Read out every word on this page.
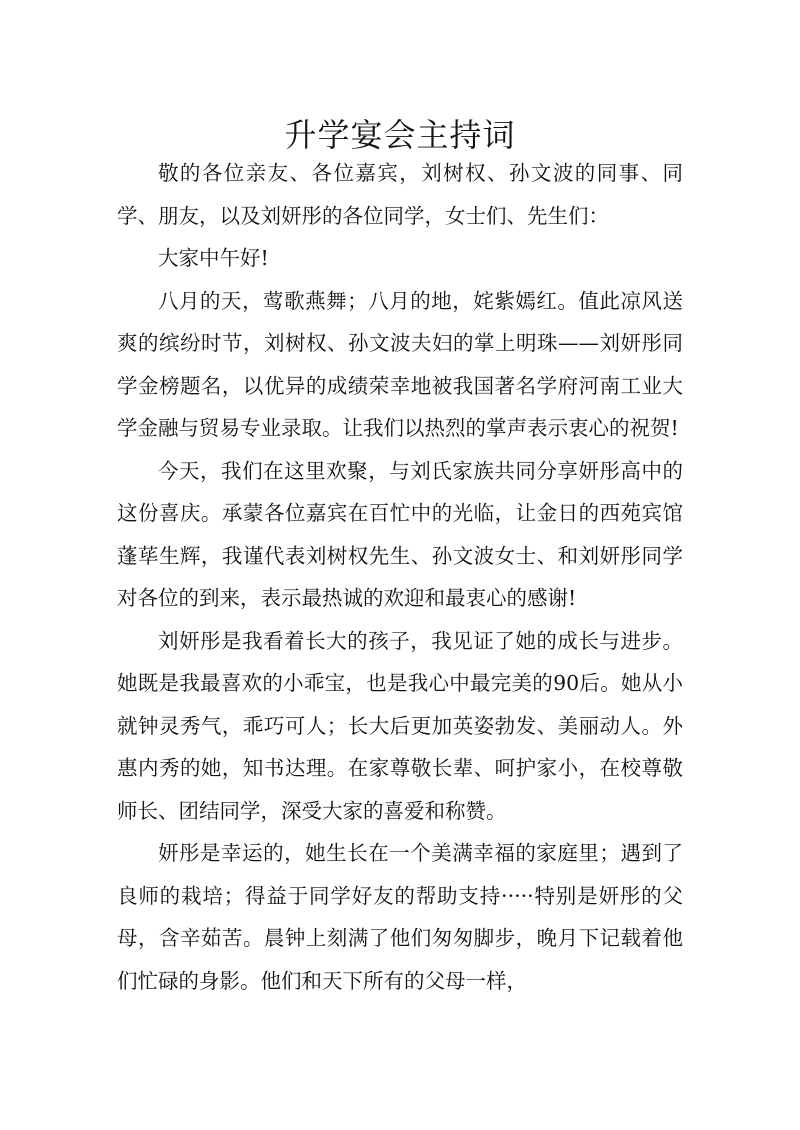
升学宴会主持词

敬的各位亲友、各位嘉宾，刘树权、孙文波的同事、同学、朋友，以及刘妍彤的各位同学，女士们、先生们：

大家中午好!

八月的天，莺歌燕舞；八月的地，姹紫嫣红。值此凉风送爽的缤纷时节，刘树权、孙文波夫妇的掌上明珠——刘妍彤同学金榜题名，以优异的成绩荣幸地被我国著名学府河南工业大学金融与贸易专业录取。让我们以热烈的掌声表示衷心的祝贺!

今天，我们在这里欢聚，与刘氏家族共同分享妍彤高中的这份喜庆。承蒙各位嘉宾在百忙中的光临，让金日的西苑宾馆蓬荜生辉，我谨代表刘树权先生、孙文波女士、和刘妍彤同学对各位的到来，表示最热诚的欢迎和最衷心的感谢!

刘妍彤是我看着长大的孩子，我见证了她的成长与进步。她既是我最喜欢的小乖宝，也是我心中最完美的90后。她从小就钟灵秀气，乖巧可人；长大后更加英姿勃发、美丽动人。外惠内秀的她，知书达理。在家尊敬长辈、呵护家小，在校尊敬师长、团结同学，深受大家的喜爱和称赞。

妍彤是幸运的，她生长在一个美满幸福的家庭里；遇到了良师的栽培；得益于同学好友的帮助支持·····特别是妍彤的父母，含辛茹苦。晨钟上刻满了他们匆匆脚步，晚月下记载着他们忙碌的身影。他们和天下所有的父母一样，
